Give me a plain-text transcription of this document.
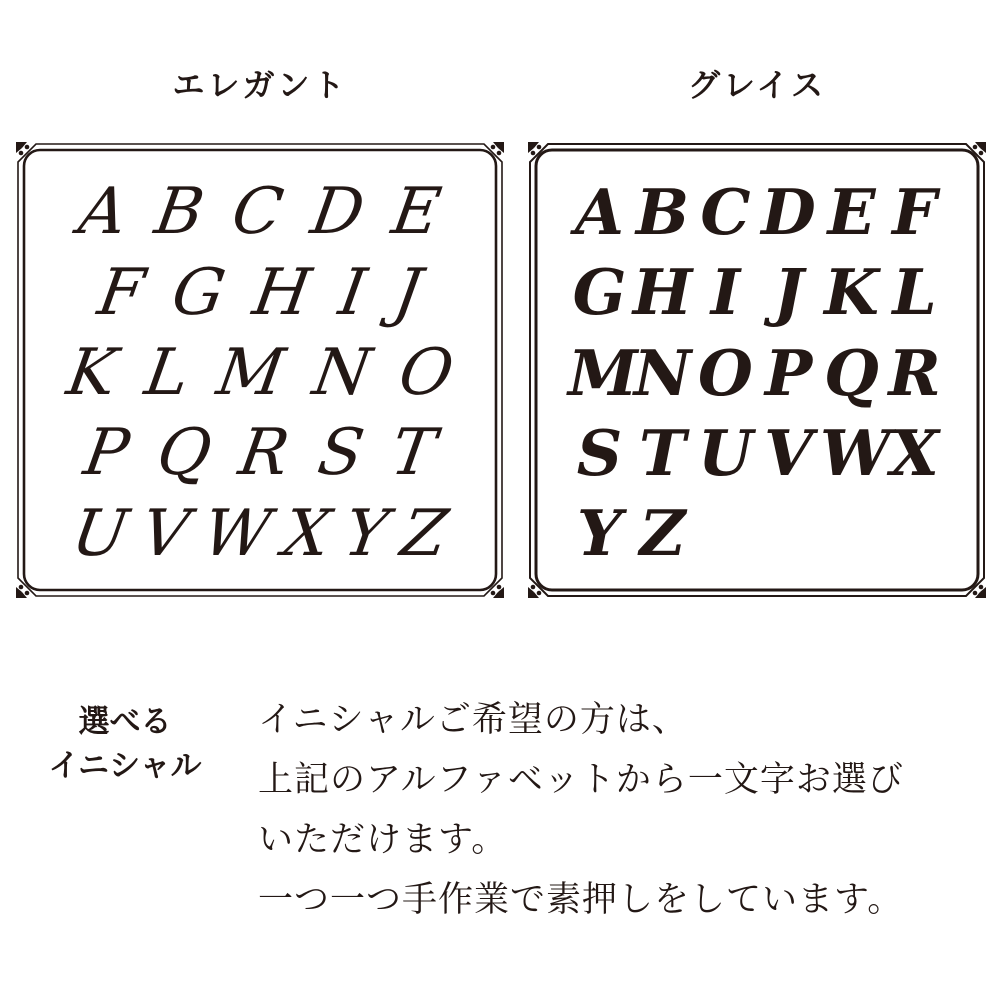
エレガント	グレイス
A B C D E
F G H I J
K L M N O
P Q R S T
U V W X Y Z
A B C D E F
G H I J K L
M
N O P Q R
S T U V W X
Y Z
選べる
イニシャル
イニシャルご希望の方は、
上記のアルファベットから一文字お選び
いただけます。
一つ一つ手作業で素押しをしています。
